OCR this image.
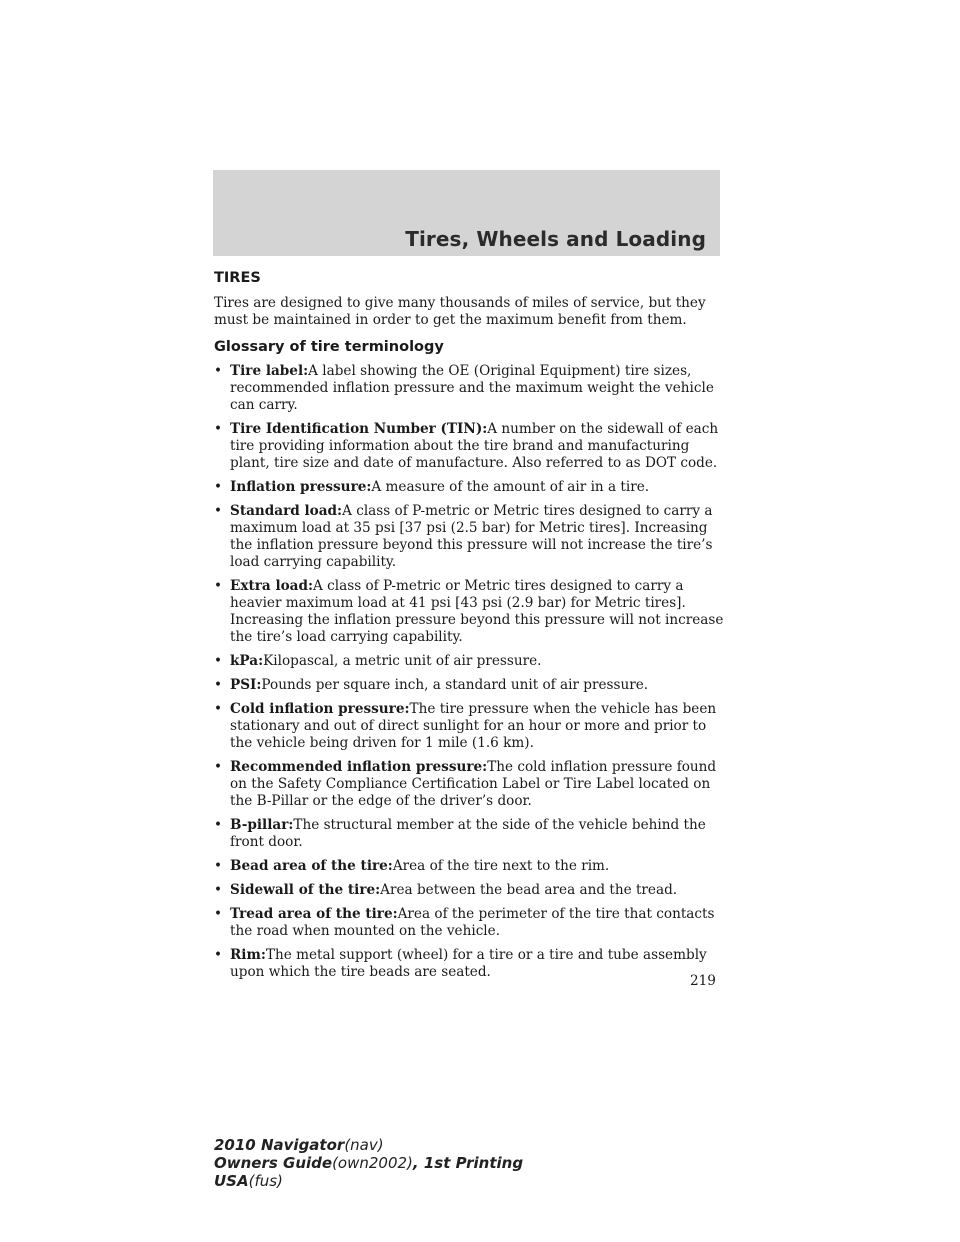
Tires, Wheels and Loading
TIRES

Tires are designed to give many thousands of miles of service, but they must be maintained in order to get the maximum benefit from them.

Glossary of tire terminology
• Tire label:A label showing the OE (Original Equipment) tire sizes, recommended inflation pressure and the maximum weight the vehicle can carry.
• Tire Identification Number (TIN):A number on the sidewall of each tire providing information about the tire brand and manufacturing plant, tire size and date of manufacture. Also referred to as DOT code.
• Inflation pressure:A measure of the amount of air in a tire.
• Standard load:A class of P-metric or Metric tires designed to carry a maximum load at 35 psi [37 psi (2.5 bar) for Metric tires]. Increasing the inflation pressure beyond this pressure will not increase the tire’s load carrying capability.
• Extra load:A class of P-metric or Metric tires designed to carry a heavier maximum load at 41 psi [43 psi (2.9 bar) for Metric tires]. Increasing the inflation pressure beyond this pressure will not increase the tire’s load carrying capability.
• kPa:Kilopascal, a metric unit of air pressure.
• PSI:Pounds per square inch, a standard unit of air pressure.
• Cold inflation pressure:The tire pressure when the vehicle has been stationary and out of direct sunlight for an hour or more and prior to the vehicle being driven for 1 mile (1.6 km).
• Recommended inflation pressure:The cold inflation pressure found on the Safety Compliance Certification Label or Tire Label located on the B-Pillar or the edge of the driver’s door.
• B-pillar:The structural member at the side of the vehicle behind the front door.
• Bead area of the tire:Area of the tire next to the rim.
• Sidewall of the tire:Area between the bead area and the tread.
• Tread area of the tire:Area of the perimeter of the tire that contacts the road when mounted on the vehicle.
• Rim:The metal support (wheel) for a tire or a tire and tube assembly upon which the tire beads are seated.
219
2010 Navigator(nav)
Owners Guide(own2002), 1st Printing
USA(fus)
